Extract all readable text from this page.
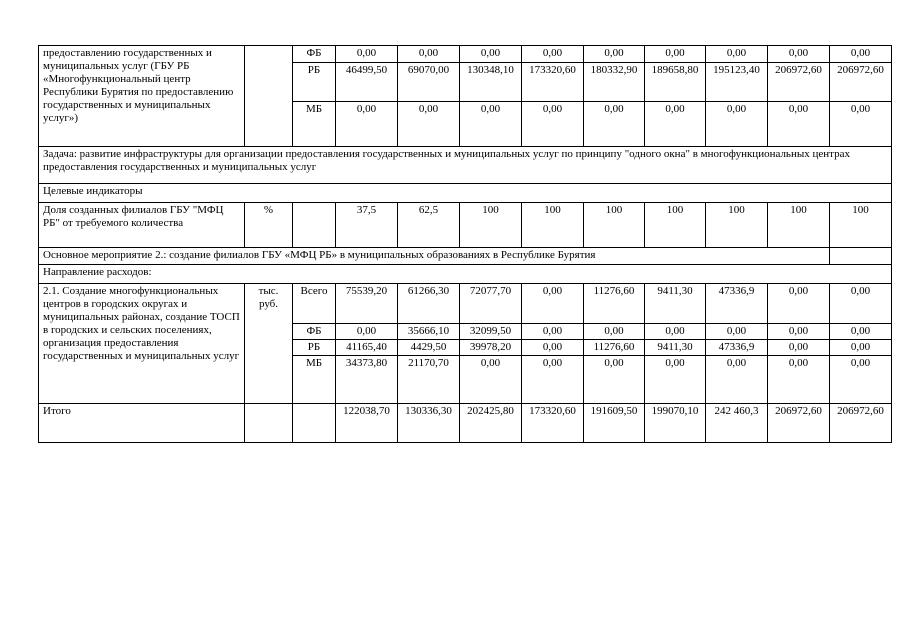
предоставлению государственных и муниципальных услуг (ГБУ РБ «Многофункциональный центр Республики Бурятия по предоставлению государственных и муниципальных услуг»)		ФБ	0,00	0,00	0,00	0,00	0,00	0,00	0,00	0,00	0,00
		РБ	46499,50	69070,00	130348,10	173320,60	180332,90	189658,80	195123,40	206972,60	206972,60
		МБ	0,00	0,00	0,00	0,00	0,00	0,00	0,00	0,00	0,00
Задача: развитие инфраструктуры для организации предоставления государственных и муниципальных услуг по принципу "одного окна" в многофункциональных центрах предоставления государственных и муниципальных услуг											
Целевые индикаторы											
Доля созданных филиалов ГБУ "МФЦ РБ" от требуемого количества	%		37,5	62,5	100	100	100	100	100	100	100
Основное мероприятие 2.: создание филиалов ГБУ «МФЦ РБ» в муниципальных образованиях в Республике Бурятия											
Направление расходов:											
2.1. Создание многофункциональных центров в городских округах и муниципальных районах, создание ТОСП в городских и сельских поселениях, организация предоставления государственных и муниципальных услуг	тыс. руб.	Всего	75539,20	61266,30	72077,70	0,00	11276,60	9411,30	47336,9	0,00	0,00
		ФБ	0,00	35666,10	32099,50	0,00	0,00	0,00	0,00	0,00	0,00
		РБ	41165,40	4429,50	39978,20	0,00	11276,60	9411,30	47336,9	0,00	0,00
		МБ	34373,80	21170,70	0,00	0,00	0,00	0,00	0,00	0,00	0,00
Итого			122038,70	130336,30	202425,80	173320,60	191609,50	199070,10	242 460,3	206972,60	206972,60
